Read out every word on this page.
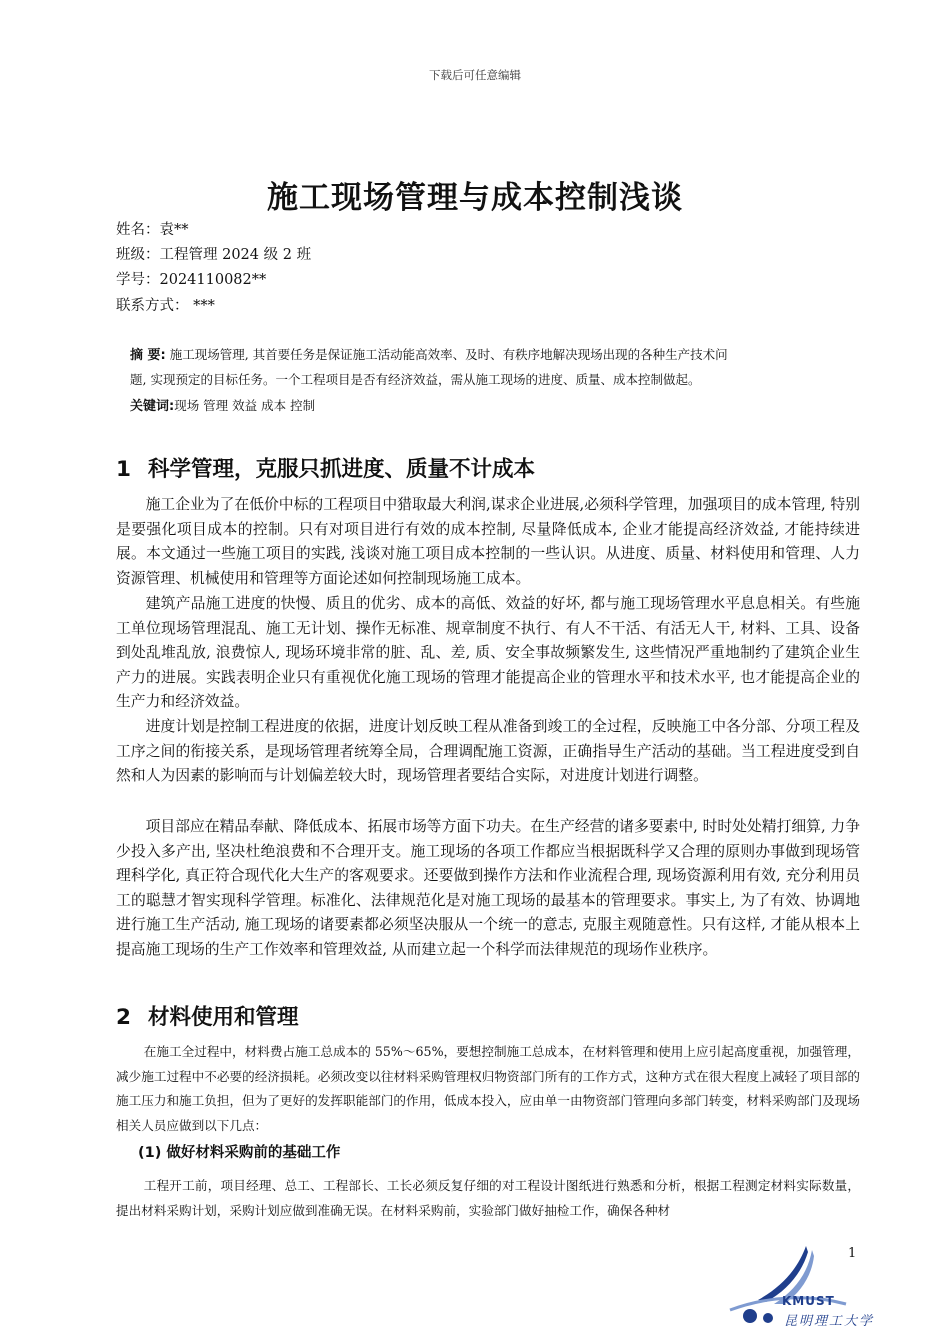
下载后可任意编辑
施工现场管理与成本控制浅谈
姓名：袁**
班级：工程管理 2024 级 2 班
学号：2024110082**
联系方式： ***
摘 要: 施工现场管理, 其首要任务是保证施工活动能高效率、及时、有秩序地解决现场出现的各种生产技术问
题, 实现预定的目标任务。一个工程项目是否有经济效益，需从施工现场的进度、质量、成本控制做起。
关键词:现场 管理 效益 成本 控制
1 科学管理，克服只抓进度、质量不计成本

施工企业为了在低价中标的工程项目中猎取最大利润,谋求企业进展,必须科学管理，加强项目的成本管理, 特别是要强化项目成本的控制。只有对项目进行有效的成本控制, 尽量降低成本, 企业才能提高经济效益, 才能持续进展。本文通过一些施工项目的实践, 浅谈对施工项目成本控制的一些认识。从进度、质量、材料使用和管理、人力资源管理、机械使用和管理等方面论述如何控制现场施工成本。

建筑产品施工进度的快慢、质且的优劣、成本的高低、效益的好坏, 都与施工现场管理水平息息相关。有些施工单位现场管理混乱、施工无计划、操作无标准、规章制度不执行、有人不干活、有活无人干, 材料、工具、设备到处乱堆乱放, 浪费惊人, 现场环境非常的脏、乱、差, 质、安全事故频繁发生, 这些情况严重地制约了建筑企业生产力的进展。实践表明企业只有重视优化施工现场的管理才能提高企业的管理水平和技术水平, 也才能提高企业的生产力和经济效益。

进度计划是控制工程进度的依据，进度计划反映工程从准备到竣工的全过程，反映施工中各分部、分项工程及工序之间的衔接关系，是现场管理者统筹全局，合理调配施工资源，正确指导生产活动的基础。当工程进度受到自然和人为因素的影响而与计划偏差较大时，现场管理者要结合实际，对进度计划进行调整。

项目部应在精品奉献、降低成本、拓展市场等方面下功夫。在生产经营的诸多要素中, 时时处处精打细算, 力争少投入多产出, 坚决杜绝浪费和不合理开支。施工现场的各项工作都应当根据既科学又合理的原则办事做到现场管理科学化, 真正符合现代化大生产的客观要求。还要做到操作方法和作业流程合理, 现场资源利用有效, 充分利用员工的聪慧才智实现科学管理。标准化、法律规范化是对施工现场的最基本的管理要求。事实上, 为了有效、协调地进行施工生产活动, 施工现场的诸要素都必须坚决服从一个统一的意志, 克服主观随意性。只有这样, 才能从根本上提高施工现场的生产工作效率和管理效益, 从而建立起一个科学而法律规范的现场作业秩序。

2 材料使用和管理

在施工全过程中，材料费占施工总成本的 55%～65%，要想控制施工总成本，在材料管理和使用上应引起高度重视，加强管理，减少施工过程中不必要的经济损耗。必须改变以往材料采购管理权归物资部门所有的工作方式，这种方式在很大程度上减轻了项目部的施工压力和施工负担，但为了更好的发挥职能部门的作用，低成本投入，应由单一由物资部门管理向多部门转变，材料采购部门及现场相关人员应做到以下几点：

(1) 做好材料采购前的基础工作

工程开工前，项目经理、总工、工程部长、工长必须反复仔细的对工程设计图纸进行熟悉和分析，根据工程测定材料实际数量，提出材料采购计划，采购计划应做到准确无误。在材料采购前，实验部门做好抽检工作，确保各种材

1
KMUST
昆明理工大学
